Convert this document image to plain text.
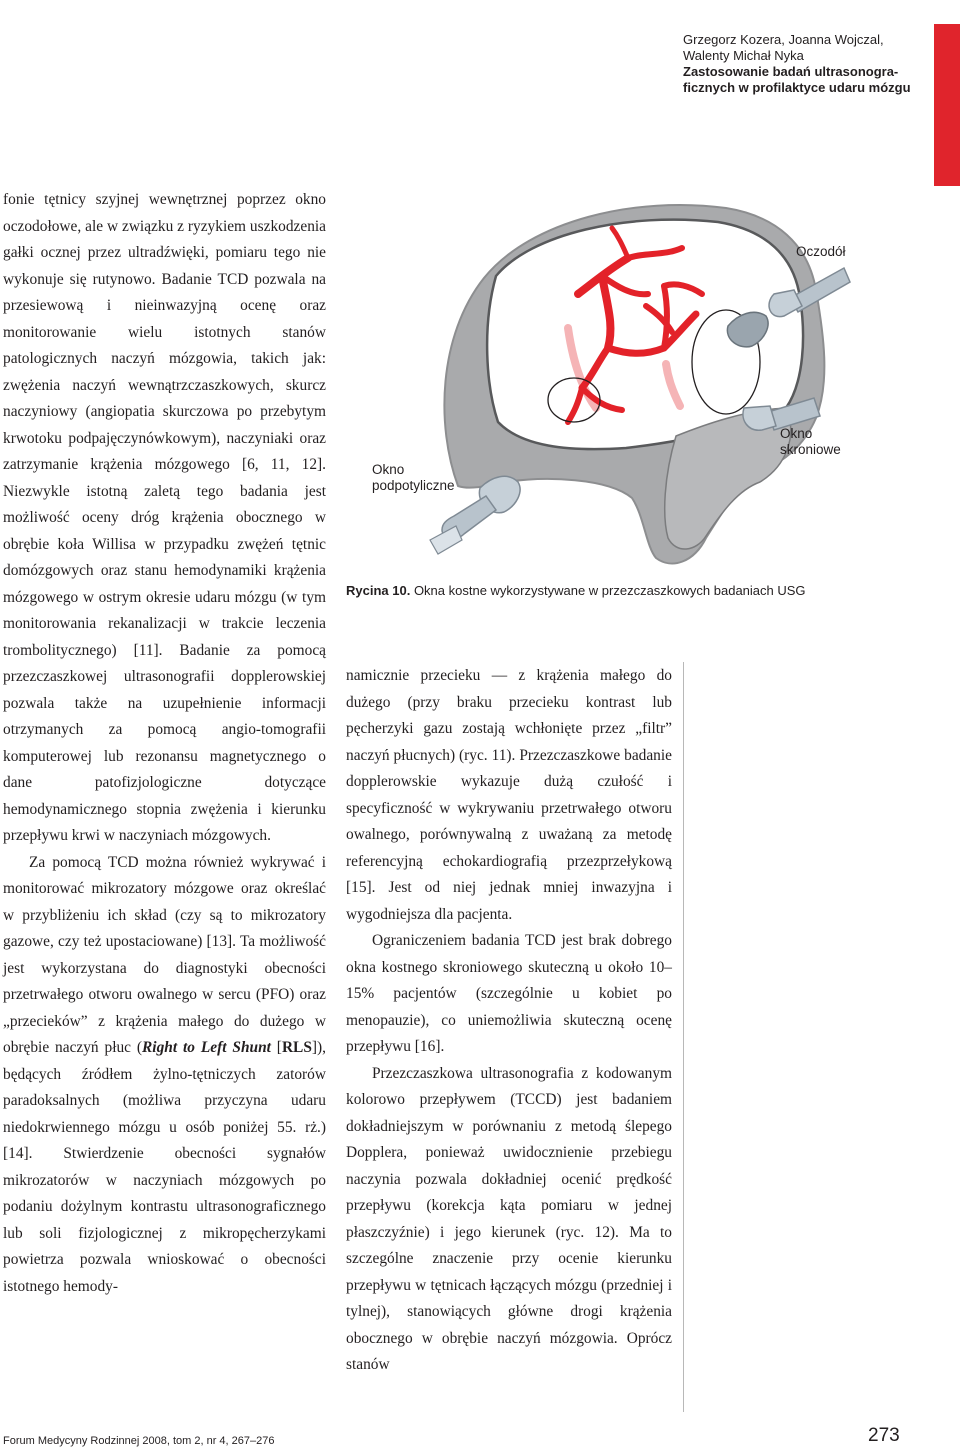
Grzegorz Kozera, Joanna Wojczal, Walenty Michał Nyka
Zastosowanie badań ultrasonogra-ficznych w profilaktyce udaru mózgu

fonie tętnicy szyjnej wewnętrznej poprzez okno oczodołowe, ale w związku z ryzykiem uszkodzenia gałki ocznej przez ultradźwięki, pomiaru tego nie wykonuje się rutynowo. Badanie TCD pozwala na przesiewową i nieinwazyjną ocenę oraz monitorowanie wielu istotnych stanów patologicznych naczyń mózgowia, takich jak: zwężenia naczyń wewnątrzczaszkowych, skurcz naczyniowy (angiopatia skurczowa po przebytym krwotoku podpajęczynówkowym), naczyniaki oraz zatrzymanie krążenia mózgowego [6, 11, 12]. Niezwykle istotną zaletą tego badania jest możliwość oceny dróg krążenia obocznego w obrębie koła Willisa w przypadku zwężeń tętnic domózgowych oraz stanu hemodynamiki krążenia mózgowego w ostrym okresie udaru mózgu (w tym monitorowania rekanalizacji w trakcie leczenia trombolitycznego) [11]. Badanie za pomocą przezczaszkowej ultrasonografii dopplerowskiej pozwala także na uzupełnienie informacji otrzymanych za pomocą angio-tomografii komputerowej lub rezonansu magnetycznego o dane patofizjologiczne dotyczące hemodynamicznego stopnia zwężenia i kierunku przepływu krwi w naczyniach mózgowych.

Za pomocą TCD można również wykrywać i monitorować mikrozatory mózgowe oraz określać w przybliżeniu ich skład (czy są to mikrozatory gazowe, czy też upostaciowane) [13]. Ta możliwość jest wykorzystana do diagnostyki obecności przetrwałego otworu owalnego w sercu (PFO) oraz „przecieków” z krążenia małego do dużego w obrębie naczyń płuc (Right to Left Shunt [RLS]), będących źródłem żylno-tętniczych zatorów paradoksalnych (możliwa przyczyna udaru niedokrwiennego mózgu u osób poniżej 55. rż.) [14]. Stwierdzenie obecności sygnałów mikrozatorów w naczyniach mózgowych po podaniu dożylnym kontrastu ultrasonograficznego lub soli fizjologicznej z mikropęcherzykami powietrza pozwala wnioskować o obecności istotnego hemody-

Oczodół
Okno skroniowe
Okno podpotyliczne
Rycina 10. Okna kostne wykorzystywane w przezczaszkowych badaniach USG

namicznie przecieku — z krążenia małego do dużego (przy braku przecieku kontrast lub pęcherzyki gazu zostają wchłonięte przez „filtr” naczyń płucnych) (ryc. 11). Przezczaszkowe badanie dopplerowskie wykazuje dużą czułość i specyficzność w wykrywaniu przetrwałego otworu owalnego, porównywalną z uważaną za metodę referencyjną echokardiografią przezprzełykową [15]. Jest od niej jednak mniej inwazyjna i wygodniejsza dla pacjenta.

Ograniczeniem badania TCD jest brak dobrego okna kostnego skroniowego skuteczną u około 10–15% pacjentów (szczególnie u kobiet po menopauzie), co uniemożliwia skuteczną ocenę przepływu [16].

Przezczaszkowa ultrasonografia z kodowanym kolorowo przepływem (TCCD) jest badaniem dokładniejszym w porównaniu z metodą ślepego Dopplera, ponieważ uwidocznienie przebiegu naczynia pozwala dokładniej ocenić prędkość przepływu (korekcja kąta pomiaru w jednej płaszczyźnie) i jego kierunek (ryc. 12). Ma to szczególne znaczenie przy ocenie kierunku przepływu w tętnicach łączących mózgu (przedniej i tylnej), stanowiących główne drogi krążenia obocznego w obrębie naczyń mózgowia. Oprócz stanów

Forum Medycyny Rodzinnej 2008, tom 2, nr 4, 267–276	273
